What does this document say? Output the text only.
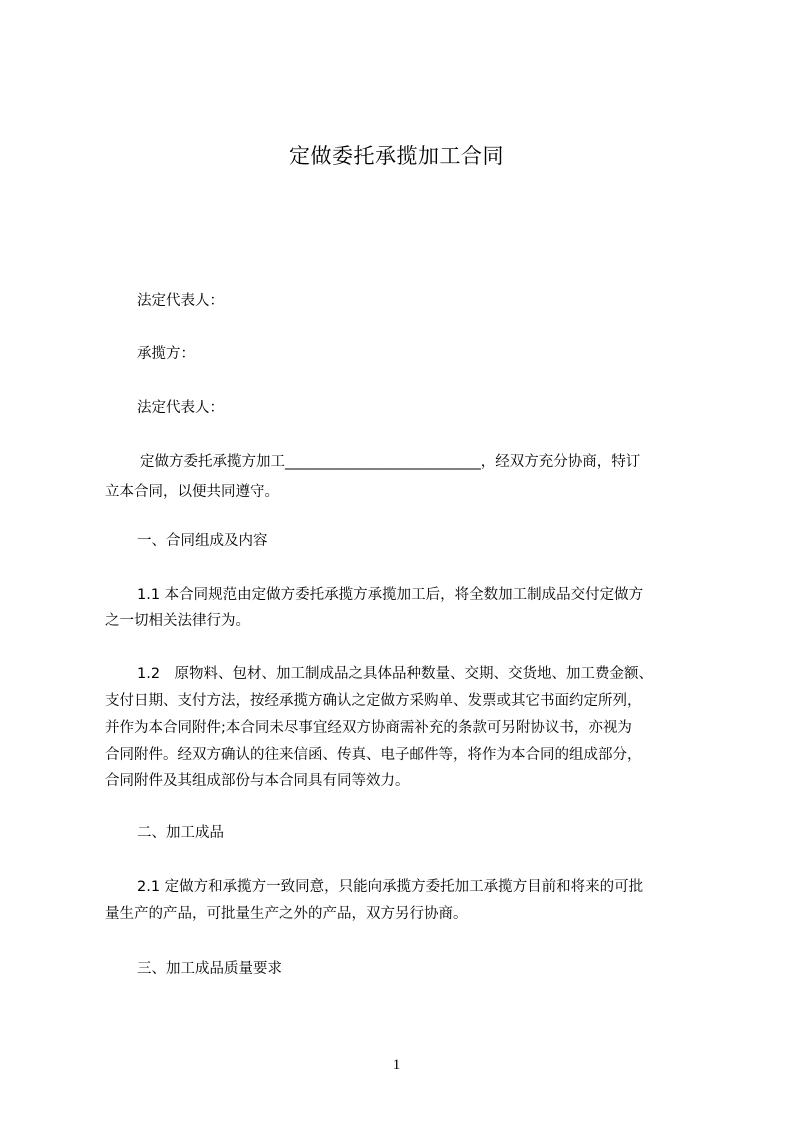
定做委托承揽加工合同
法定代表人：
承揽方：
法定代表人：
定做方委托承揽方加工___________________________，经双方充分协商，特订
立本合同，以便共同遵守。
一、合同组成及内容
1.1 本合同规范由定做方委托承揽方承揽加工后，将全数加工制成品交付定做方
之一切相关法律行为。
1.2　原物料、包材、加工制成品之具体品种数量、交期、交货地、加工费金额、
支付日期、支付方法，按经承揽方确认之定做方采购单、发票或其它书面约定所列，
并作为本合同附件;本合同未尽事宜经双方协商需补充的条款可另附协议书，亦视为
合同附件。经双方确认的往来信函、传真、电子邮件等，将作为本合同的组成部分，
合同附件及其组成部份与本合同具有同等效力。
二、加工成品
2.1 定做方和承揽方一致同意，只能向承揽方委托加工承揽方目前和将来的可批
量生产的产品，可批量生产之外的产品，双方另行协商。
三、加工成品质量要求
1
